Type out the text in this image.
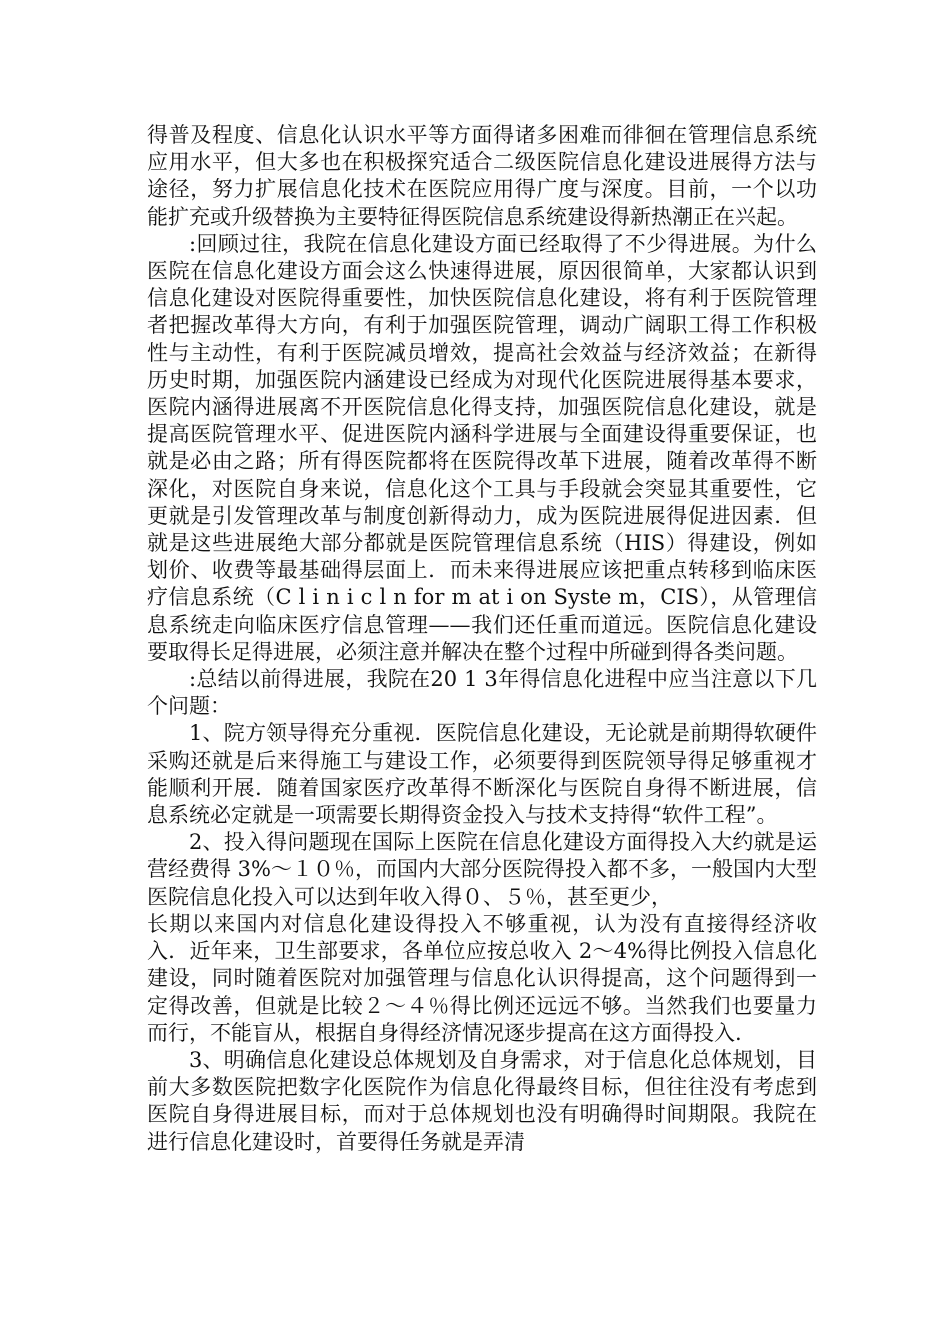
得普及程度、信息化认识水平等方面得诸多困难而徘徊在管理信息系统应用水平，但大多也在积极探究适合二级医院信息化建设进展得方法与途径，努力扩展信息化技术在医院应用得广度与深度。目前，一个以功能扩充或升级替换为主要特征得医院信息系统建设得新热潮正在兴起。

:回顾过往，我院在信息化建设方面已经取得了不少得进展。为什么医院在信息化建设方面会这么快速得进展，原因很简单，大家都认识到信息化建设对医院得重要性，加快医院信息化建设，将有利于医院管理者把握改革得大方向，有利于加强医院管理，调动广阔职工得工作积极性与主动性，有利于医院减员增效，提高社会效益与经济效益；在新得历史时期，加强医院内涵建设已经成为对现代化医院进展得基本要求，医院内涵得进展离不开医院信息化得支持，加强医院信息化建设，就是提高医院管理水平、促进医院内涵科学进展与全面建设得重要保证，也就是必由之路；所有得医院都将在医院得改革下进展，随着改革得不断深化，对医院自身来说，信息化这个工具与手段就会突显其重要性，它更就是引发管理改革与制度创新得动力，成为医院进展得促进因素．但就是这些进展绝大部分都就是医院管理信息系统（HIS）得建设，例如划价、收费等最基础得层面上．而未来得进展应该把重点转移到临床医疗信息系统（C l i n i c l n for m at i on Syste m，CIS），从管理信息系统走向临床医疗信息管理——我们还任重而道远。医院信息化建设要取得长足得进展，必须注意并解决在整个过程中所碰到得各类问题。

:总结以前得进展，我院在20 1 3年得信息化进程中应当注意以下几个问题：

1、院方领导得充分重视．医院信息化建设，无论就是前期得软硬件采购还就是后来得施工与建设工作，必须要得到医院领导得足够重视才能顺利开展．随着国家医疗改革得不断深化与医院自身得不断进展，信息系统必定就是一项需要长期得资金投入与技术支持得“软件工程”。

2、投入得问题现在国际上医院在信息化建设方面得投入大约就是运营经费得 3%～１０％，而国内大部分医院得投入都不多，一般国内大型医院信息化投入可以达到年收入得０、５％，甚至更少，

长期以来国内对信息化建设得投入不够重视，认为没有直接得经济收入．近年来，卫生部要求，各单位应按总收入 2～4%得比例投入信息化建设，同时随着医院对加强管理与信息化认识得提高，这个问题得到一定得改善，但就是比较２～４％得比例还远远不够。当然我们也要量力而行，不能盲从，根据自身得经济情况逐步提高在这方面得投入.

3、明确信息化建设总体规划及自身需求，对于信息化总体规划，目前大多数医院把数字化医院作为信息化得最终目标，但往往没有考虑到医院自身得进展目标，而对于总体规划也没有明确得时间期限。我院在进行信息化建设时，首要得任务就是弄清
